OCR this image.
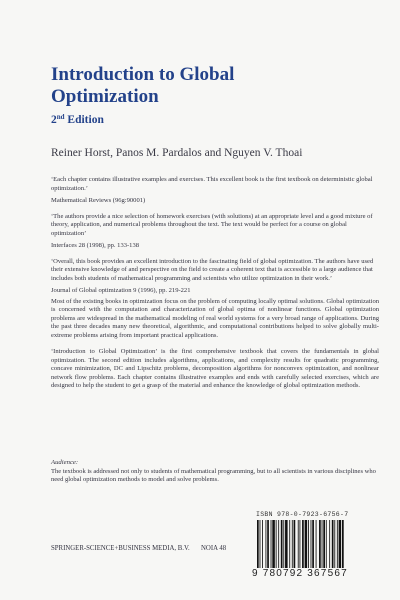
Introduction to Global
Optimization

2nd Edition

Reiner Horst, Panos M. Pardalos and Nguyen V. Thoai

‘Each chapter contains illustrative examples and exercises. This excellent book is the first textbook on deterministic global optimization.’

Mathematical Reviews (96g:90001)

‘The authors provide a nice selection of homework exercises (with solutions) at an appropriate level and a good mixture of theory, application, and numerical problems throughout the text. The text would be perfect for a course on global optimization’

Interfaces 28 (1998), pp. 133-138

‘Overall, this book provides an excellent introduction to the fascinating field of global optimization. The authors have used their extensive knowledge of and perspective on the field to create a coherent text that is accessible to a large audience that includes both students of mathematical programming and scientists who utilize optimization in their work.’

Journal of Global optimization 9 (1996), pp. 219-221

Most of the existing books in optimization focus on the problem of computing locally optimal solutions. Global optimization is concerned with the computation and characterization of global optima of nonlinear functions. Global optimization problems are widespread in the mathematical modeling of real world systems for a very broad range of applications. During the past three decades many new theoretical, algorithmic, and computational contributions helped to solve globally multi-extreme problems arising from important practical applications.

‘Introduction to Global Optimization’ is the first comprehensive textbook that covers the fundamentals in global optimization. The second edition includes algorithms, applications, and complexity results for quadratic programming, concave minimization, DC and Lipschitz problems, decomposition algorithms for nonconvex optimization, and nonlinear network flow problems. Each chapter contains illustrative examples and ends with carefully selected exercises, which are designed to help the student to get a grasp of the material and enhance the knowledge of global optimization methods.

Audience:

The textbook is addressed not only to students of mathematical programming, but to all scientists in various disciplines who need global optimization methods to model and solve problems.

SPRINGER-SCIENCE+BUSINESS MEDIA, B.V. NOIA 48
ISBN 978-0-7923-6756-7
9 780792 367567
